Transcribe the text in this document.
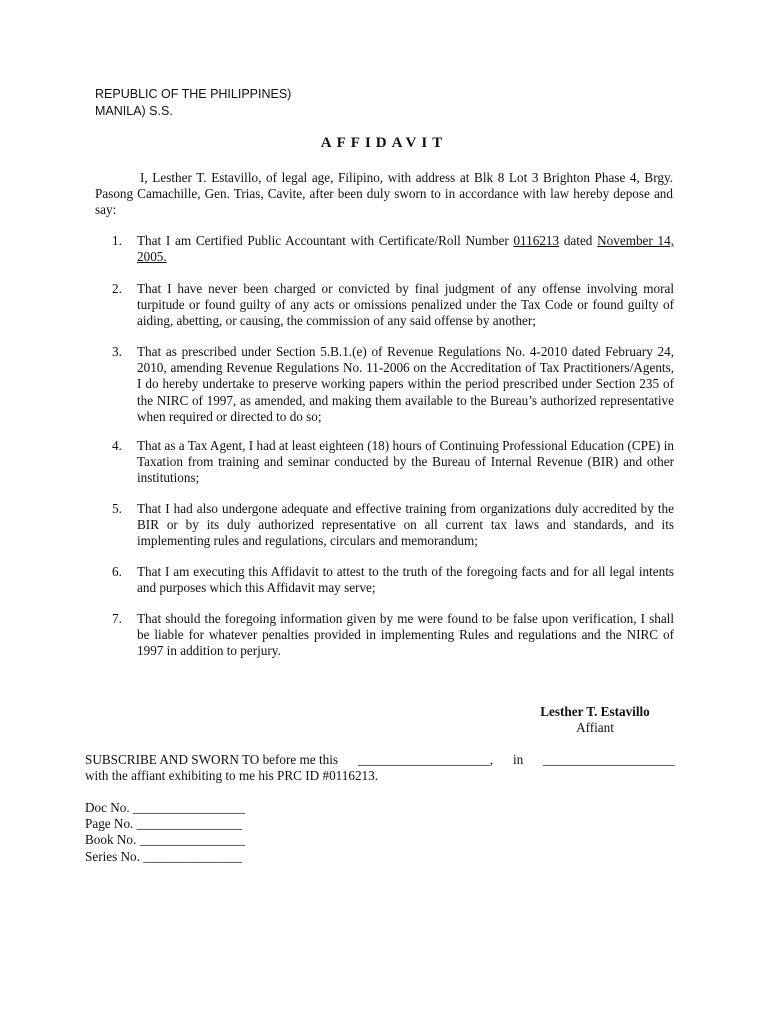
REPUBLIC OF THE PHILIPPINES)
MANILA) S.S.
AFFIDAVIT

I, Lesther T. Estavillo, of legal age, Filipino, with address at Blk 8 Lot 3 Brighton Phase 4, Brgy. Pasong Camachille, Gen. Trias, Cavite, after been duly sworn to in accordance with law hereby depose and say:

1.	That I am Certified Public Accountant with Certificate/Roll Number 0116213 dated November 14, 2005.
2.	That I have never been charged or convicted by final judgment of any offense involving moral turpitude or found guilty of any acts or omissions penalized under the Tax Code or found guilty of aiding, abetting, or causing, the commission of any said offense by another;
3.	That as prescribed under Section 5.B.1.(e) of Revenue Regulations No. 4-2010 dated February 24, 2010, amending Revenue Regulations No. 11-2006 on the Accreditation of Tax Practitioners/Agents, I do hereby undertake to preserve working papers within the period prescribed under Section 235 of the NIRC of 1997, as amended, and making them available to the Bureau’s authorized representative when required or directed to do so;
4.	That as a Tax Agent, I had at least eighteen (18) hours of Continuing Professional Education (CPE) in Taxation from training and seminar conducted by the Bureau of Internal Revenue (BIR) and other institutions;
5.	That I had also undergone adequate and effective training from organizations duly accredited by the BIR or by its duly authorized representative on all current tax laws and standards, and its implementing rules and regulations, circulars and memorandum;
6.	That I am executing this Affidavit to attest to the truth of the foregoing facts and for all legal intents and purposes which this Affidavit may serve;
7.	That should the foregoing information given by me were found to be false upon verification, I shall be liable for whatever penalties provided in implementing Rules and regulations and the NIRC of 1997 in addition to perjury.
Lesther T. Estavillo
Affiant
SUBSCRIBE AND SWORN TO before me this ____________________, in ____________________
with the affiant exhibiting to me his PRC ID #0116213.
Doc No. _________________
Page No. ________________
Book No. ________________
Series No. _______________
